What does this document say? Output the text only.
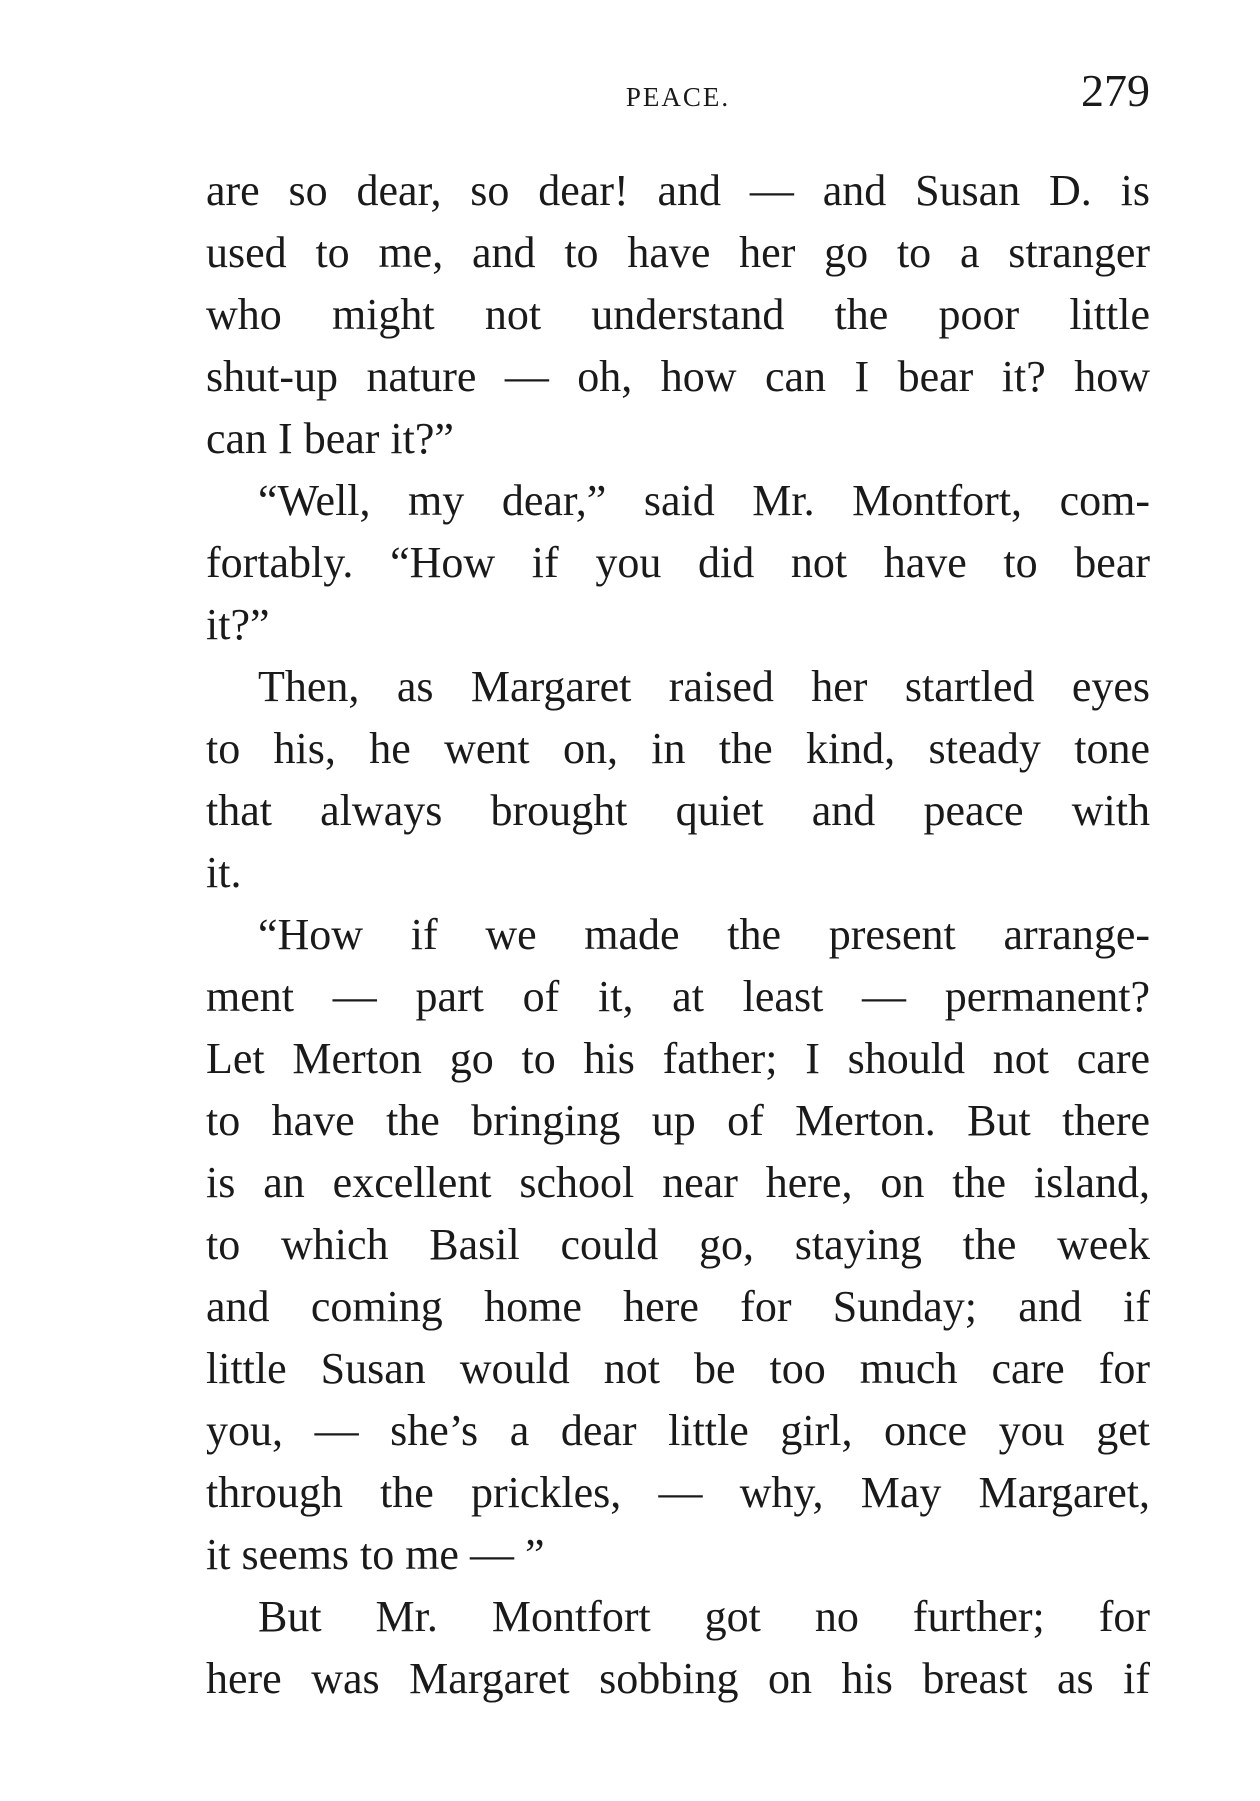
PEACE.	279
are so dear, so dear! and — and Susan D. is
used to me, and to have her go to a stranger
who might not understand the poor little
shut-up nature — oh, how can I bear it? how
can I bear it?”
“Well, my dear,” said Mr. Montfort, com-
fortably. “How if you did not have to bear
it?”
Then, as Margaret raised her startled eyes
to his, he went on, in the kind, steady tone
that always brought quiet and peace with
it.
“How if we made the present arrange-
ment — part of it, at least — permanent?
Let Merton go to his father; I should not care
to have the bringing up of Merton. But there
is an excellent school near here, on the island,
to which Basil could go, staying the week
and coming home here for Sunday; and if
little Susan would not be too much care for
you, — she’s a dear little girl, once you get
through the prickles, — why, May Margaret,
it seems to me — ”
But Mr. Montfort got no further; for
here was Margaret sobbing on his breast as if
